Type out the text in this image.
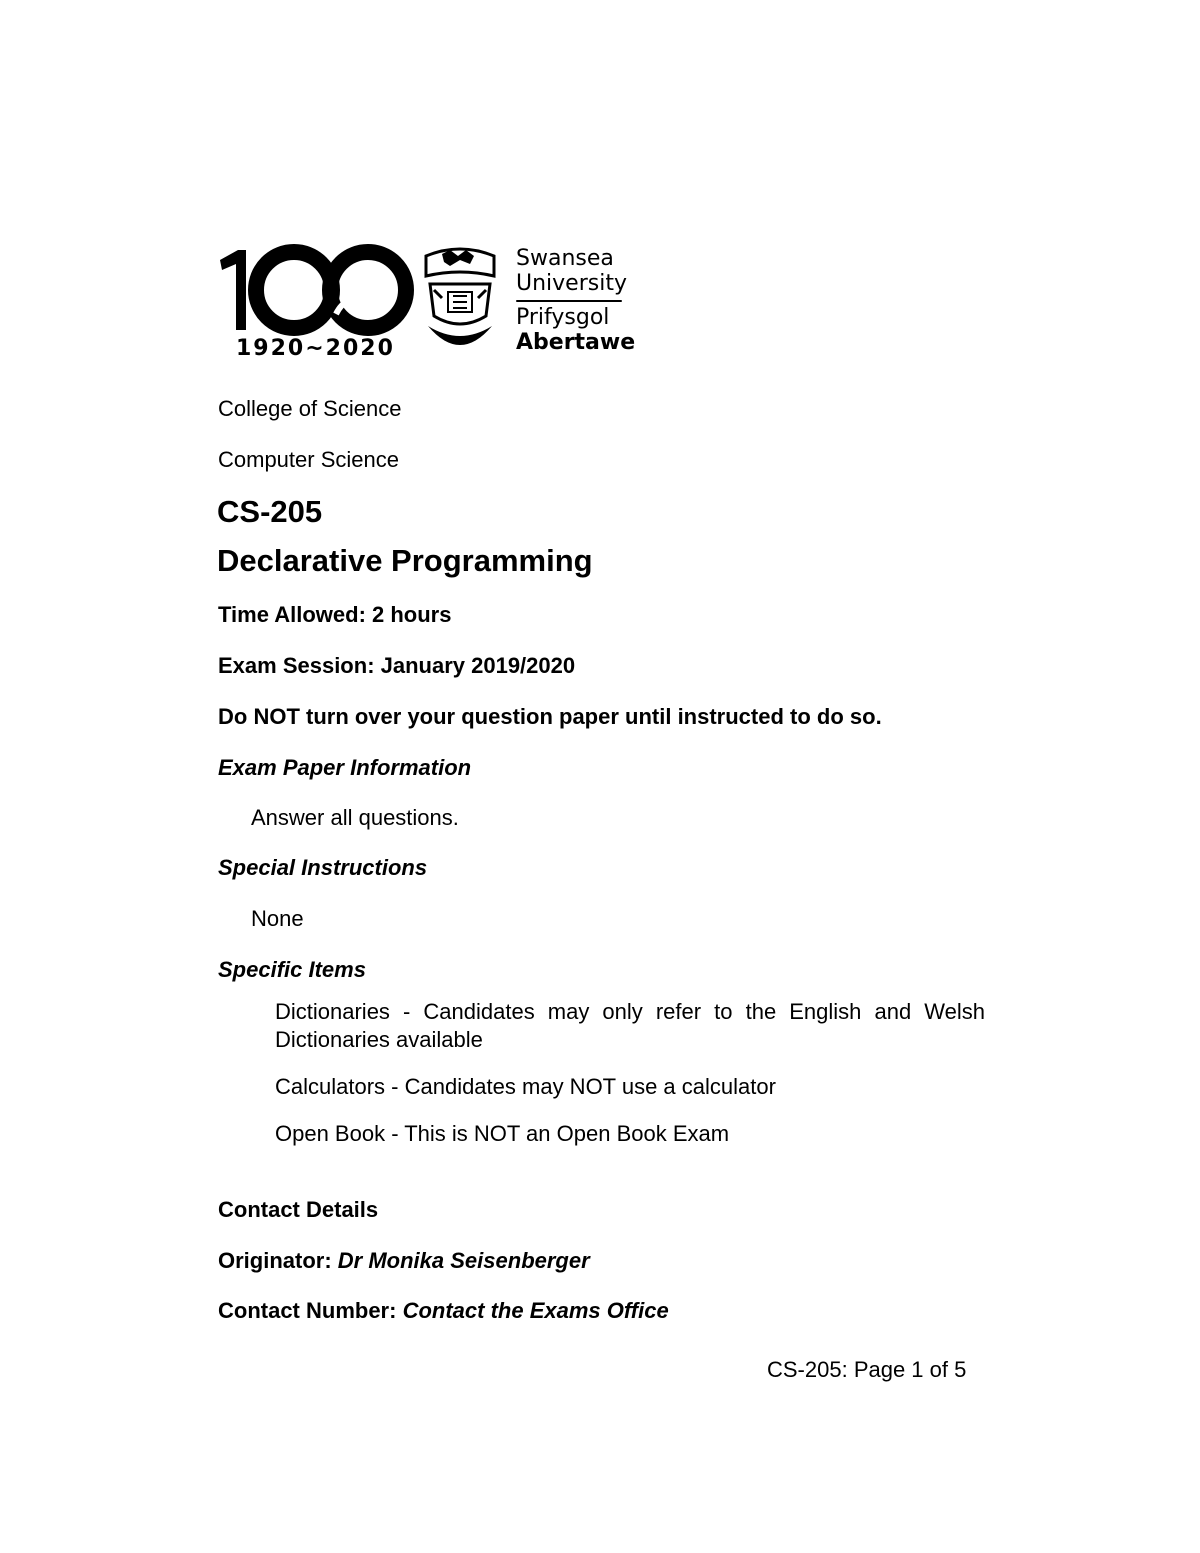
1920~2020
Swansea
University
Prifysgol
Abertawe
College of Science
Computer Science
CS-205
Declarative Programming
Time Allowed: 2 hours
Exam Session: January 2019/2020
Do NOT turn over your question paper until instructed to do so.
Exam Paper Information
Answer all questions.
Special Instructions
None
Specific Items
Dictionaries - Candidates may only refer to the English and Welsh Dictionaries available
Calculators - Candidates may NOT use a calculator
Open Book - This is NOT an Open Book Exam
Contact Details
Originator: Dr Monika Seisenberger
Contact Number: Contact the Exams Office
CS-205: Page 1 of 5
